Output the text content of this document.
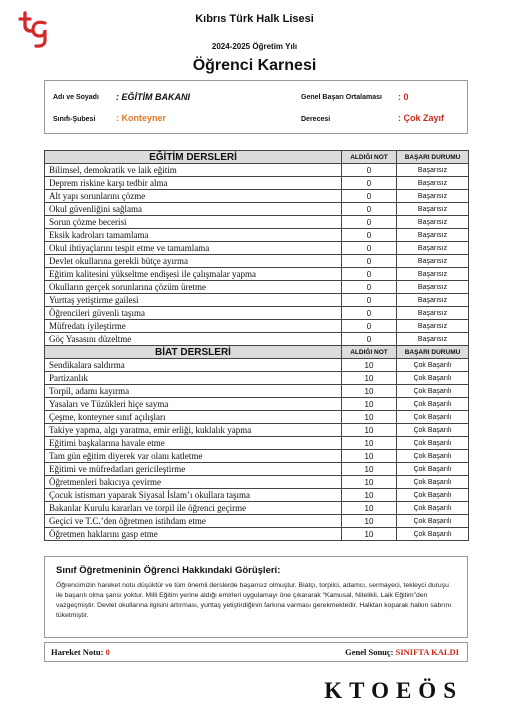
Kıbrıs Türk Halk Lisesi
2024-2025 Öğretim Yılı
Öğrenci Karnesi
Adı ve Soyadı : EĞİTİM BAKANI	Genel Başarı Ortalaması : 0
Sınıfı-Şubesi : Konteyner	Derecesi	: Çok Zayıf
EĞİTİM DERSLERİ	ALDIĞI NOT	BAŞARI DURUMU
Bilimsel, demokratik ve laik eğitim	0	Başarısız
Deprem riskine karşı tedbir alma	0	Başarısız
Alt yapı sorunlarını çözme	0	Başarısız
Okul güvenliğini sağlama	0	Başarısız
Sorun çözme becerisi	0	Başarısız
Eksik kadroları tamamlama	0	Başarısız
Okul ihtiyaçlarını tespit etme ve tamamlama	0	Başarısız
Devlet okullarına gerekli bütçe ayırma	0	Başarısız
Eğitim kalitesini yükseltme endişesi ile çalışmalar yapma	0	Başarısız
Okulların gerçek sorunlarına çözüm üretme	0	Başarısız
Yurttaş yetiştirme gailesi	0	Başarısız
Öğrencileri güvenli taşıma	0	Başarısız
Müfredatı iyileştirme	0	Başarısız
Göç Yasasını düzeltme	0	Başarısız
BİAT DERSLERİ	ALDIĞI NOT	BAŞARI DURUMU
Sendikalara saldırma	10	Çok Başarılı
Partizanlık	10	Çok Başarılı
Torpil, adamı kayırma	10	Çok Başarılı
Yasaları ve Tüzükleri hiçe sayma	10	Çok Başarılı
Çeşme, konteyner sınıf açılışları	10	Çok Başarılı
Takiye yapma, algı yaratma, emir erliği, kuklalık yapma	10	Çok Başarılı
Eğitimi başkalarına havale etme	10	Çok Başarılı
Tam gün eğitim diyerek var olanı katletme	10	Çok Başarılı
Eğitimi ve müfredatları gericileştirme	10	Çok Başarılı
Öğretmenleri bakıcıya çevirme	10	Çok Başarılı
Çocuk istismarı yaparak Siyasal İslam’ı okullara taşıma	10	Çok Başarılı
Bakanlar Kurulu kararları ve torpil ile öğrenci geçirme	10	Çok Başarılı
Geçici ve T.C.’den öğretmen istihdam etme	10	Çok Başarılı
Öğretmen haklarını gasp etme	10	Çok Başarılı
Sınıf Öğretmeninin Öğrenci Hakkındaki Görüşleri:
Öğrencimizin hareket notu düşüktür ve tüm önemli derslerde başarısız olmuştur. Biatçı, torpilci, adamcı, sermayeci, tekleyci duruşu ile başarılı olma şansı yoktur. Milli Eğitim yerine aldığı emirleri uygulamayı öne çıkararak “Kamusal, Nitelikli, Laik Eğitim”den vazgeçmiştir. Devlet okullarına ilgisini artırması, yurttaş yetiştirdiğinin farkına varması gerekmektedir. Halktan koparak halkın sabrını tüketmiştir.
Hareket Notu: 0	Genel Sonuç: SINIFTA KALDI
KTOEÖS
